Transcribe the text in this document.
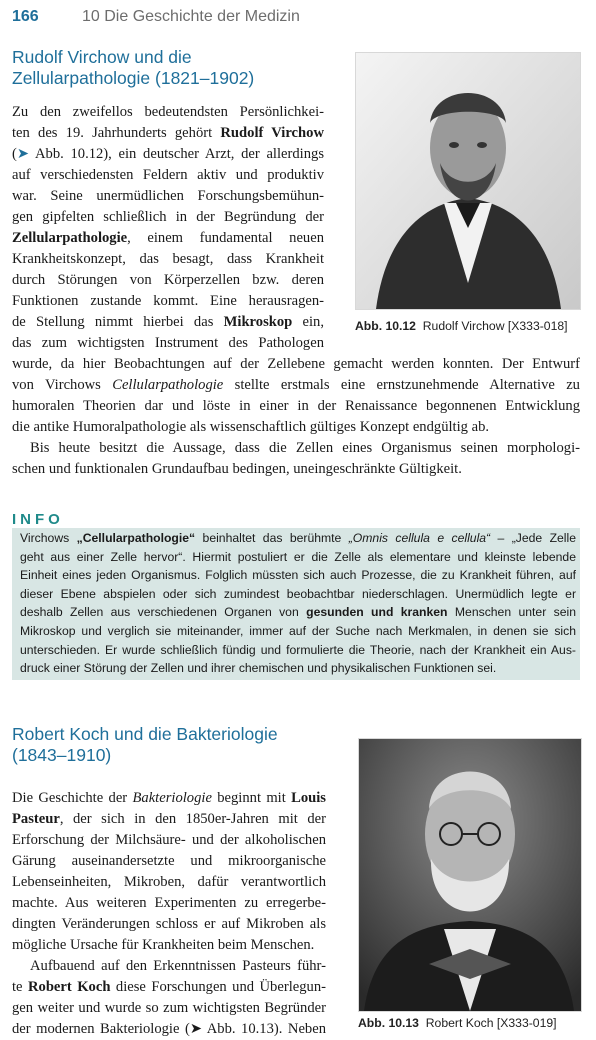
166	10 Die Geschichte der Medizin
Rudolf Virchow und die
Zellularpathologie (1821–1902)
Abb. 10.12 Rudolf Virchow [X333-018]
Zu den zweifellos bedeutendsten Persönlichkei-
ten des 19. Jahrhunderts gehört Rudolf Virchow
(➤ Abb. 10.12), ein deutscher Arzt, der allerdings
auf verschiedensten Feldern aktiv und produktiv
war. Seine unermüdlichen Forschungsbemühun-
gen gipfelten schließlich in der Begründung der
Zellularpathologie, einem fundamental neuen
Krankheitskonzept, das besagt, dass Krankheit
durch Störungen von Körperzellen bzw. deren
Funktionen zustande kommt. Eine herausragen-
de Stellung nimmt hierbei das Mikroskop ein,
das zum wichtigsten Instrument des Pathologen
wurde, da hier Beobachtungen auf der Zellebene gemacht werden konnten. Der Entwurf
von Virchows Cellularpathologie stellte erstmals eine ernstzunehmende Alternative zu
humoralen Theorien dar und löste in einer in der Renaissance begonnenen Entwicklung
die antike Humoralpathologie als wissenschaftlich gültiges Konzept endgültig ab.
Bis heute besitzt die Aussage, dass die Zellen eines Organismus seinen morphologi-
schen und funktionalen Grundaufbau bedingen, uneingeschränkte Gültigkeit.
INFO
Virchows „Cellularpathologie“ beinhaltet das berühmte „Omnis cellula e cellula“ – „Jede Zelle
geht aus einer Zelle hervor“. Hiermit postuliert er die Zelle als elementare und kleinste lebende
Einheit eines jeden Organismus. Folglich müssten sich auch Prozesse, die zu Krankheit führen, auf
dieser Ebene abspielen oder sich zumindest beobachtbar niederschlagen. Unermüdlich legte er
deshalb Zellen aus verschiedenen Organen von gesunden und kranken Menschen unter sein
Mikroskop und verglich sie miteinander, immer auf der Suche nach Merkmalen, in denen sie sich
unterschieden. Er wurde schließlich fündig und formulierte die Theorie, nach der Krankheit ein Aus-
druck einer Störung der Zellen und ihrer chemischen und physikalischen Funktionen sei.
Robert Koch und die Bakteriologie
(1843–1910)
Abb. 10.13 Robert Koch [X333-019]
Die Geschichte der Bakteriologie beginnt mit Louis
Pasteur, der sich in den 1850er-Jahren mit der
Erforschung der Milchsäure- und der alkoholischen
Gärung auseinandersetzte und mikroorganische
Lebenseinheiten, Mikroben, dafür verantwortlich
machte. Aus weiteren Experimenten zu erregerbe-
dingten Veränderungen schloss er auf Mikroben als
mögliche Ursache für Krankheiten beim Menschen.
Aufbauend auf den Erkenntnissen Pasteurs führ-
te Robert Koch diese Forschungen und Überlegun-
gen weiter und wurde so zum wichtigsten Begründer
der modernen Bakteriologie (➤ Abb. 10.13). Neben
